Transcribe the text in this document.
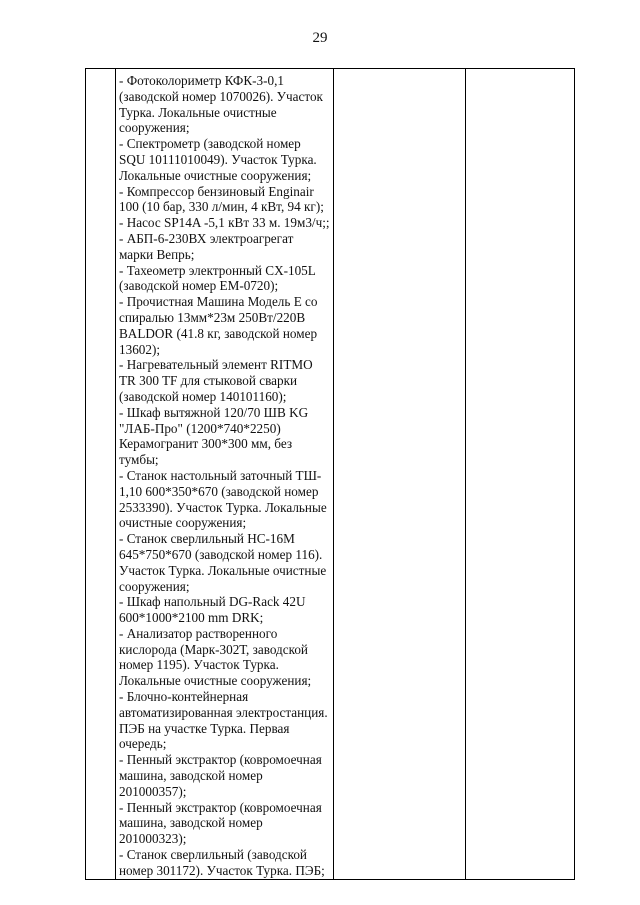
29

- Фотоколориметр КФК-3-0,1
(заводской номер 1070026). Участок
Турка. Локальные очистные
сооружения;
- Спектрометр (заводской номер
SQU 10111010049). Участок Турка.
Локальные очистные сооружения;
- Компрессор бензиновый Enginair
100 (10 бар, 330 л/мин, 4 кВт, 94 кг);
- Насос SP14A -5,1 кВт 33 м. 19м3/ч;;
- АБП-6-230ВХ электроагрегат
марки Вепрь;
- Тахеометр электронный CX-105L
(заводской номер EM-0720);
- Прочистная Машина Модель Е со
спиралью 13мм*23м 250Вт/220В
BALDOR (41.8 кг, заводской номер
13602);
- Нагревательный элемент RITMO
TR 300 TF для стыковой сварки
(заводской номер 140101160);
- Шкаф вытяжной 120/70 ШВ KG
"ЛАБ-Про" (1200*740*2250)
Керамогранит 300*300 мм, без
тумбы;
- Станок настольный заточный ТШ-
1,10 600*350*670 (заводской номер
2533390). Участок Турка. Локальные
очистные сооружения;
- Станок сверлильный НС-16М
645*750*670 (заводской номер 116).
Участок Турка. Локальные очистные
сооружения;
- Шкаф напольный DG-Rack 42U
600*1000*2100 mm DRK;
- Анализатор растворенного
кислорода (Марк-302Т, заводской
номер 1195). Участок Турка.
Локальные очистные сооружения;
- Блочно-контейнерная
автоматизированная электростанция.
ПЭБ на участке Турка. Первая
очередь;
- Пенный экстрактор (ковромоечная
машина, заводской номер
201000357);
- Пенный экстрактор (ковромоечная
машина, заводской номер
201000323);
- Станок сверлильный (заводской
номер 301172). Участок Турка. ПЭБ;
